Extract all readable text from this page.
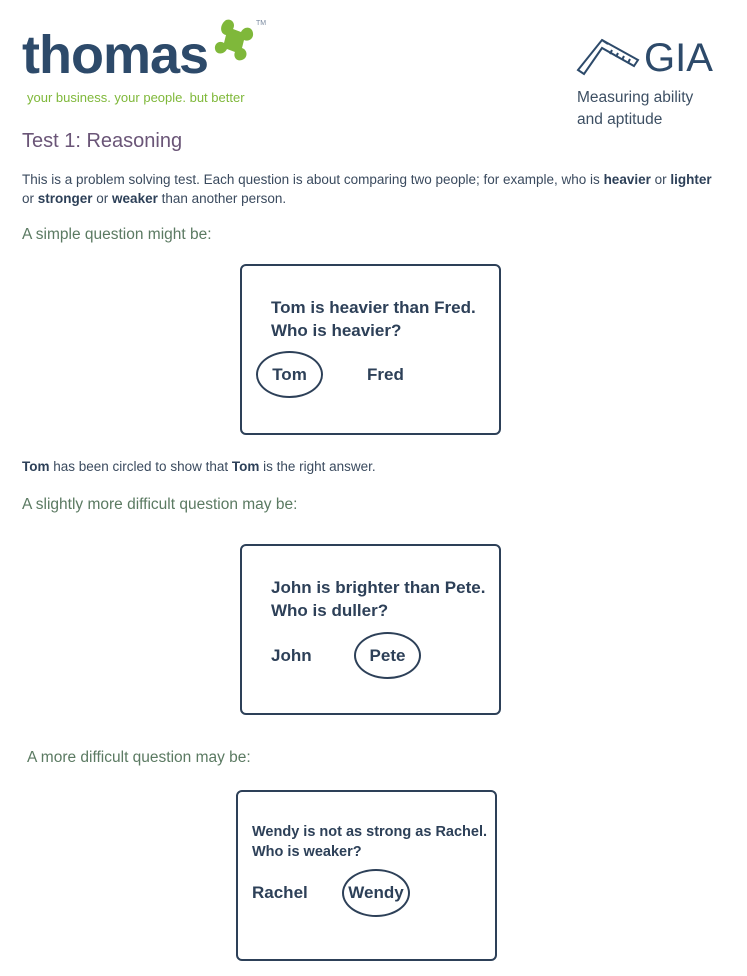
thomas
TM
your business. your people. but better
GIA
Measuring ability
and aptitude
Test 1: Reasoning
This is a problem solving test. Each question is about comparing two people; for example, who is heavier or lighter or stronger or weaker than another person.
A simple question might be:
Tom is heavier than Fred.
Who is heavier?
Tom	Fred
Tom has been circled to show that Tom is the right answer.
A slightly more difficult question may be:
John is brighter than Pete.
Who is duller?
John	Pete
A more difficult question may be:
Wendy is not as strong as Rachel.
Who is weaker?
Rachel	Wendy
